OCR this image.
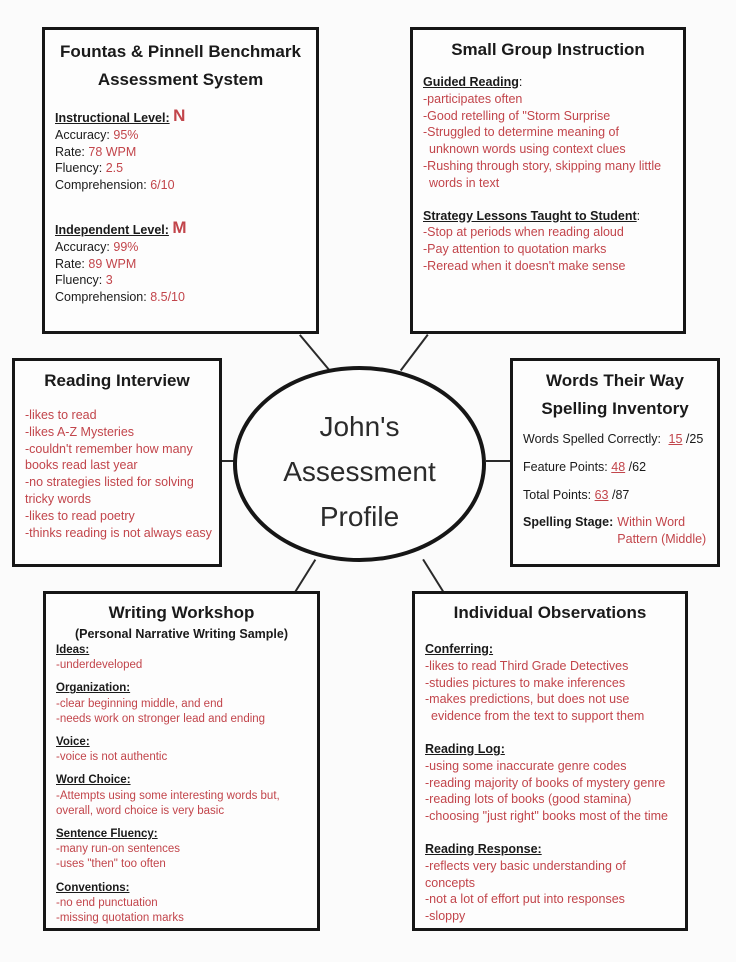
John's
Assessment
Profile
Fountas & Pinnell Benchmark
Assessment System
Instructional Level: N
Accuracy: 95%
Rate: 78 WPM
Fluency: 2.5
Comprehension: 6/10
Independent Level: M
Accuracy: 99%
Rate: 89 WPM
Fluency: 3
Comprehension: 8.5/10
Small Group Instruction
Guided Reading:
-participates often
-Good retelling of "Storm Surprise
-Struggled to determine meaning of
unknown words using context clues
-Rushing through story, skipping many little
words in text
Strategy Lessons Taught to Student:
-Stop at periods when reading aloud
-Pay attention to quotation marks
-Reread when it doesn't make sense
Reading Interview
-likes to read
-likes A-Z Mysteries
-couldn't remember how many
books read last year
-no strategies listed for solving
tricky words
-likes to read poetry
-thinks reading is not always easy
Words Their Way
Spelling Inventory
Words Spelled Correctly: 15 /25
Feature Points: 48 /62
Total Points: 63 /87
Spelling Stage: Within Word
Pattern (Middle)
Writing Workshop
(Personal Narrative Writing Sample)
Ideas:
-underdeveloped
Organization:
-clear beginning middle, and end
-needs work on stronger lead and ending
Voice:
-voice is not authentic
Word Choice:
-Attempts using some interesting words but,
overall, word choice is very basic
Sentence Fluency:
-many run-on sentences
-uses "then" too often
Conventions:
-no end punctuation
-missing quotation marks
Individual Observations
Conferring:
-likes to read Third Grade Detectives
-studies pictures to make inferences
-makes predictions, but does not use
evidence from the text to support them
Reading Log:
-using some inaccurate genre codes
-reading majority of books of mystery genre
-reading lots of books (good stamina)
-choosing "just right" books most of the time
Reading Response:
-reflects very basic understanding of
concepts
-not a lot of effort put into responses
-sloppy
